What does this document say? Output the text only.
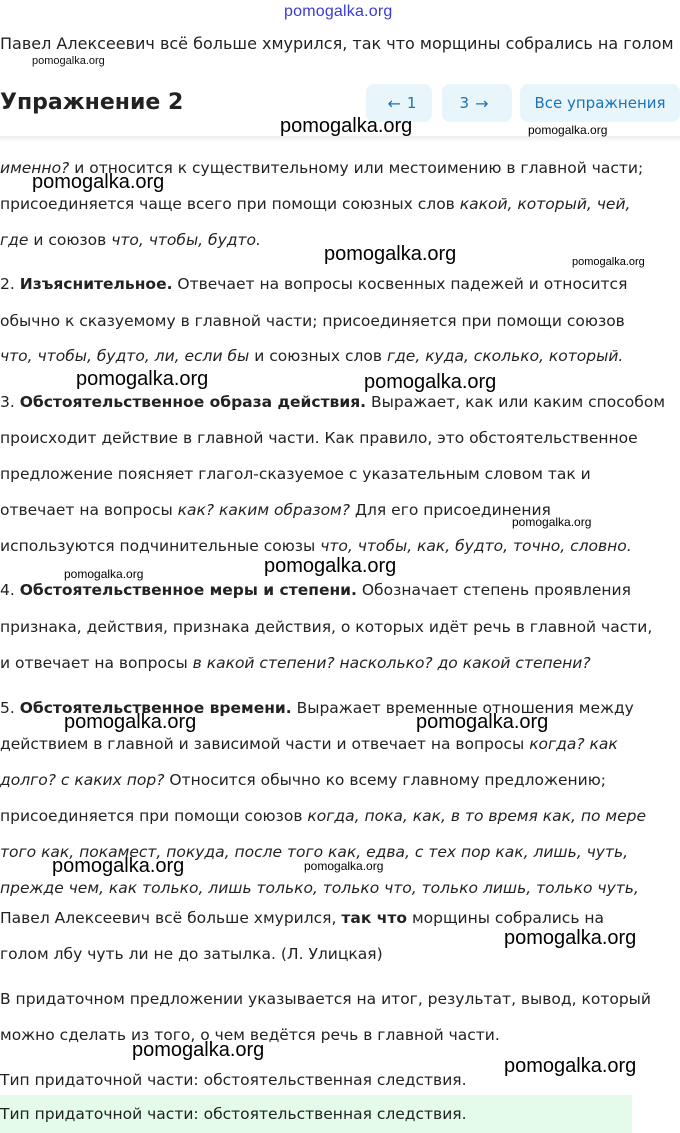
pomogalka.org
Павел Алексеевич всё больше хмурился, так что морщины собрались на голом
pomogalka.org
Упражнение 2	← 1	3 →	Все упражнения
именно? и относится к существительному или местоимению в главной части;
присоединяется чаще всего при помощи союзных слов какой, который, чей,
где и союзов что, чтобы, будто.
2. Изъяснительное. Отвечает на вопросы косвенных падежей и относится
обычно к сказуемому в главной части; присоединяется при помощи союзов
что, чтобы, будто, ли, если бы и союзных слов где, куда, сколько, который.
3. Обстоятельственное образа действия. Выражает, как или каким способом
происходит действие в главной части. Как правило, это обстоятельственное
предложение поясняет глагол-сказуемое с указательным словом так и
отвечает на вопросы как? каким образом? Для его присоединения
используются подчинительные союзы что, чтобы, как, будто, точно, словно.
4. Обстоятельственное меры и степени. Обозначает степень проявления
признака, действия, признака действия, о которых идёт речь в главной части,
и отвечает на вопросы в какой степени? насколько? до какой степени?
5. Обстоятельственное времени. Выражает временные отношения между
действием в главной и зависимой части и отвечает на вопросы когда? как
долго? с каких пор? Относится обычно ко всему главному предложению;
присоединяется при помощи союзов когда, пока, как, в то время как, по мере
того как, покамест, покуда, после того как, едва, с тех пор как, лишь, чуть,
прежде чем, как только, лишь только, только что, только лишь, только чуть,
Павел Алексеевич всё больше хмурился, так что морщины собрались на
голом лбу чуть ли не до затылка. (Л. Улицкая)
В придаточном предложении указывается на итог, результат, вывод, который
можно сделать из того, о чем ведётся речь в главной части.
Тип придаточной части: обстоятельственная следствия.
Тип придаточной части: обстоятельственная следствия.
pomogalka.org	pomogalka.org
pomogalka.org
pomogalka.org	pomogalka.org
pomogalka.org	pomogalka.org
pomogalka.org
pomogalka.org
pomogalka.org
pomogalka.org	pomogalka.org
pomogalka.org	pomogalka.org
pomogalka.org
pomogalka.org
pomogalka.org
